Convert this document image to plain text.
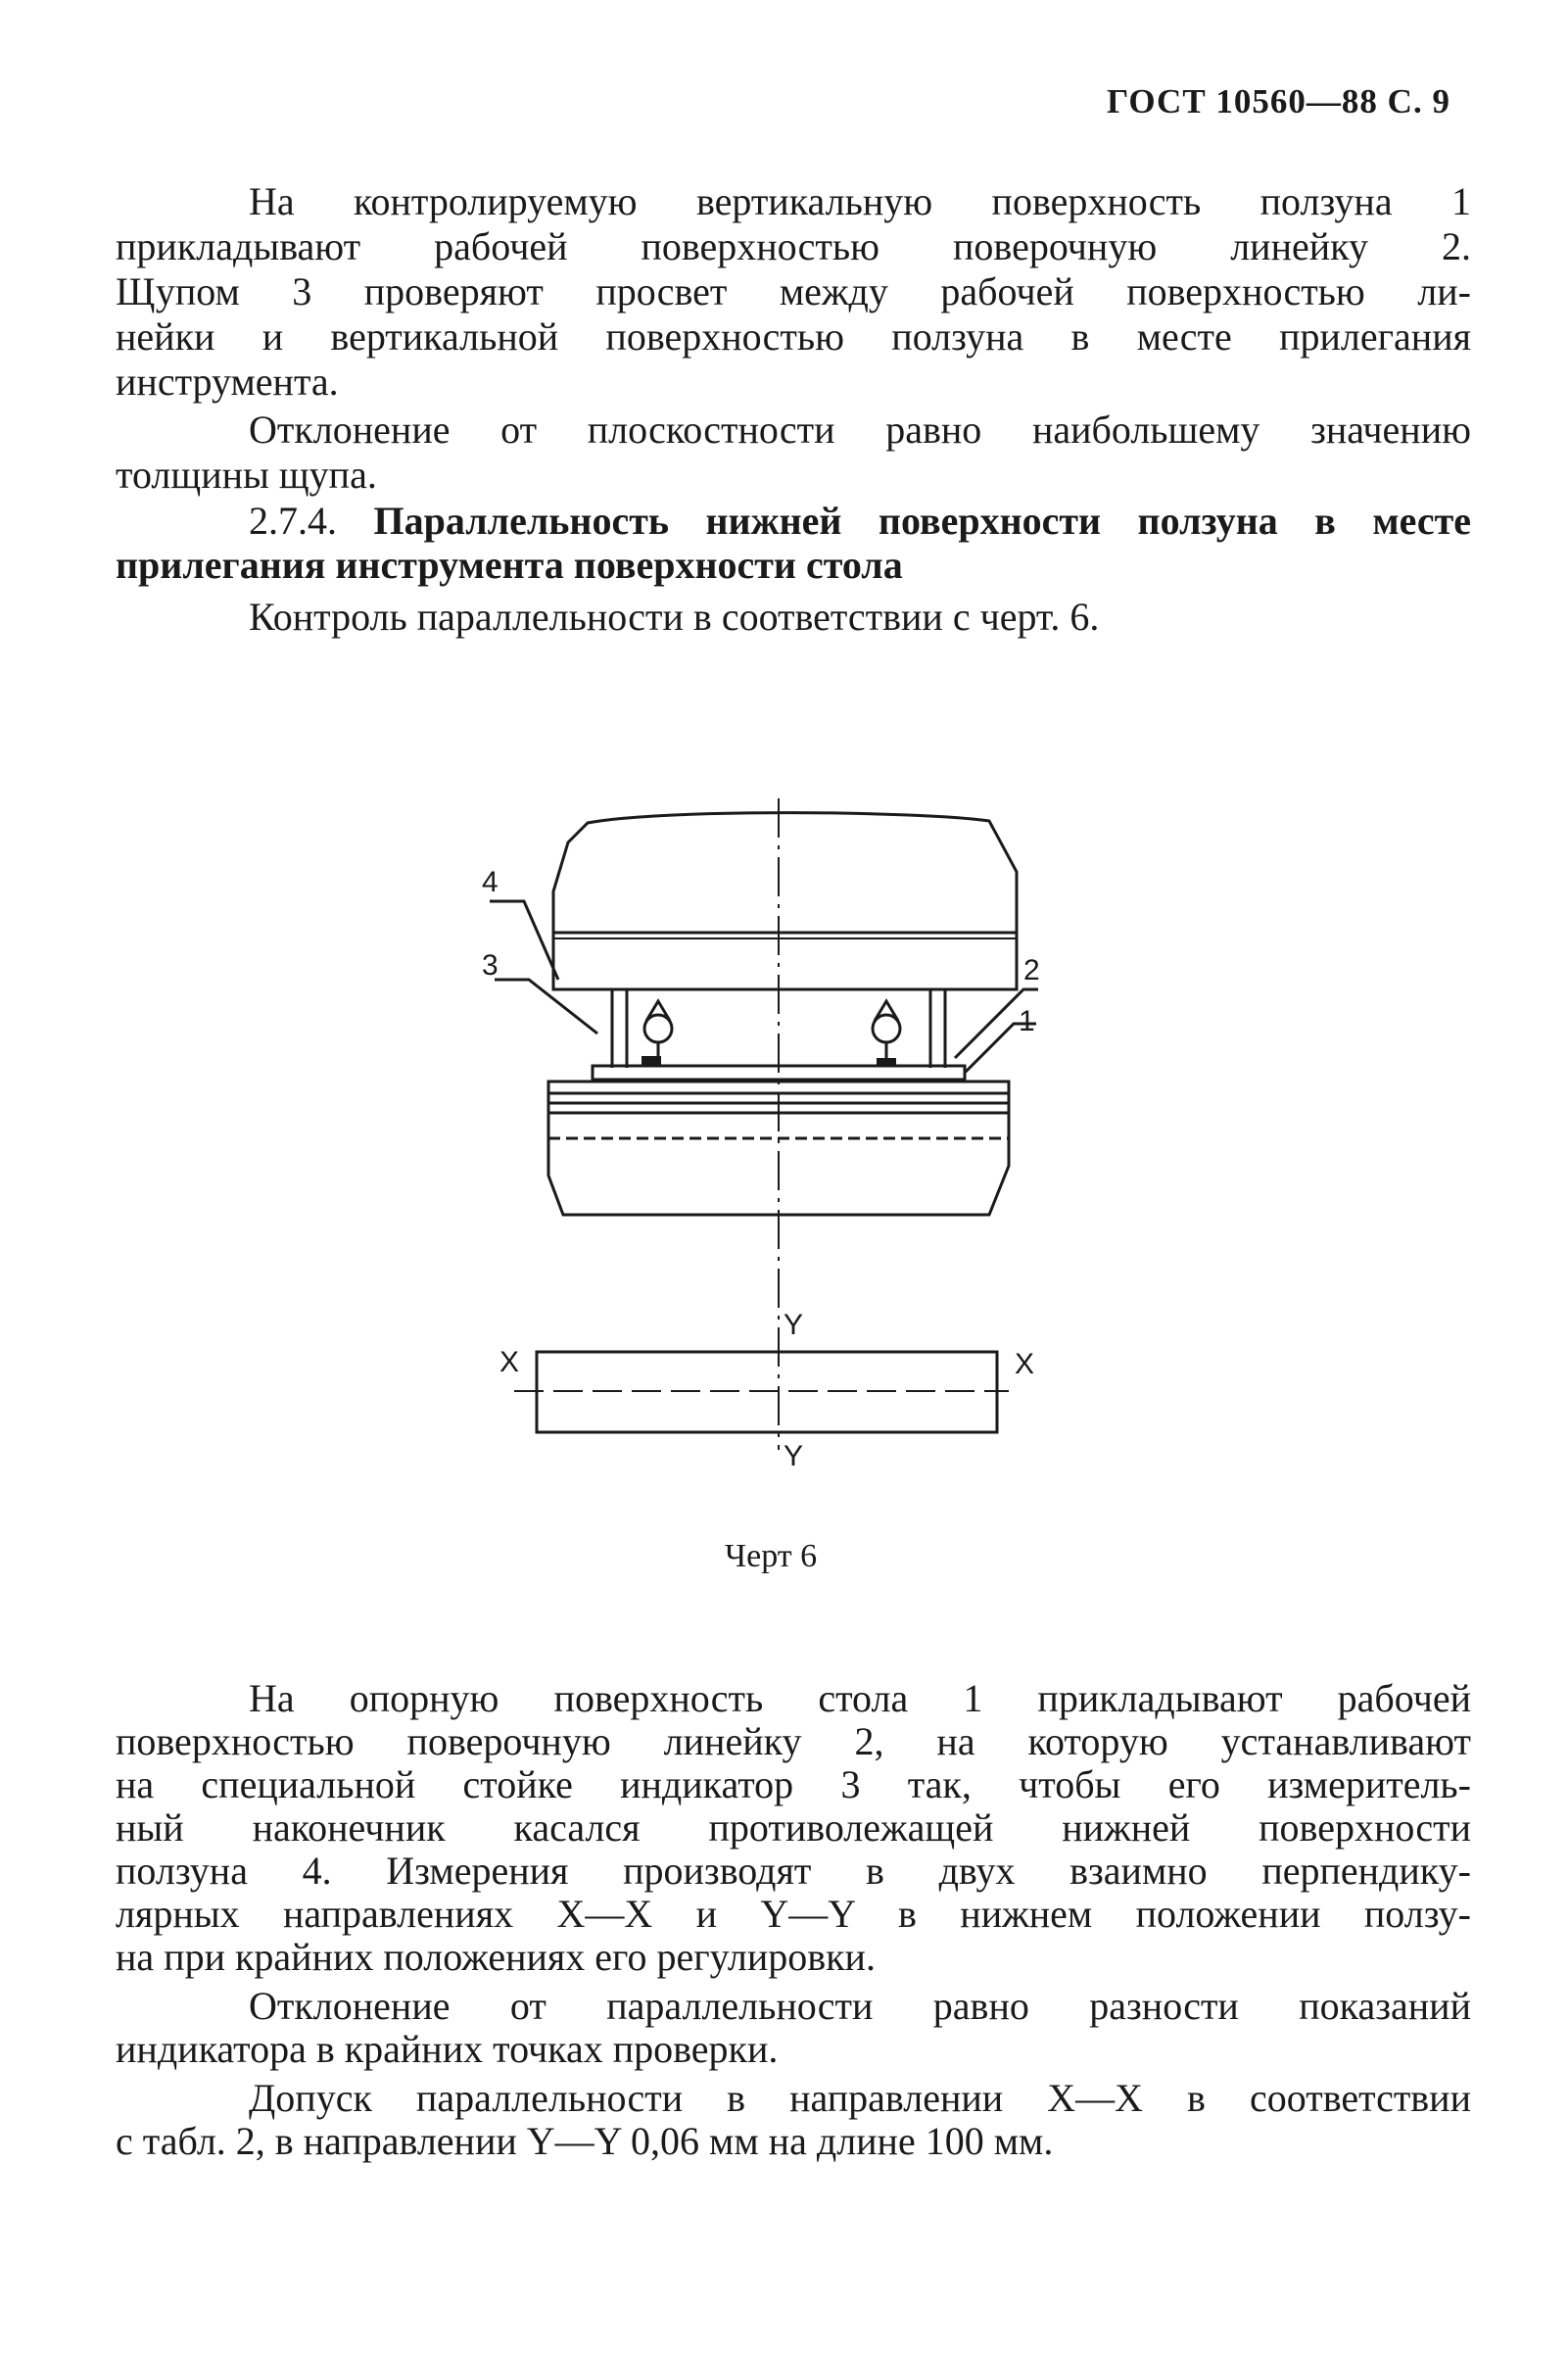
ГОСТ 10560—88 С. 9
На контролируемую вертикальную поверхность ползуна 1
прикладывают рабочей поверхностью поверочную линейку 2.
Щупом 3 проверяют просвет между рабочей поверхностью ли-
нейки и вертикальной поверхностью ползуна в месте прилегания
инструмента.
Отклонение от плоскостности равно наибольшему значению
толщины щупа.
2.7.4. Параллельность нижней поверхности ползуна в месте
прилегания инструмента поверхности стола
Контроль параллельности в соответствии с черт. 6.
4
3	2
1
X	X
Y
Y
Черт 6
На опорную поверхность стола 1 прикладывают рабочей
поверхностью поверочную линейку 2, на которую устанавливают
на специальной стойке индикатор 3 так, чтобы его измеритель-
ный наконечник касался противолежащей нижней поверхности
ползуна 4. Измерения производят в двух взаимно перпендику-
лярных направлениях X—X и Y—Y в нижнем положении ползу-
на при крайних положениях его регулировки.
Отклонение от параллельности равно разности показаний
индикатора в крайних точках проверки.
Допуск параллельности в направлении X—X в соответствии
с табл. 2, в направлении Y—Y 0,06 мм на длине 100 мм.
